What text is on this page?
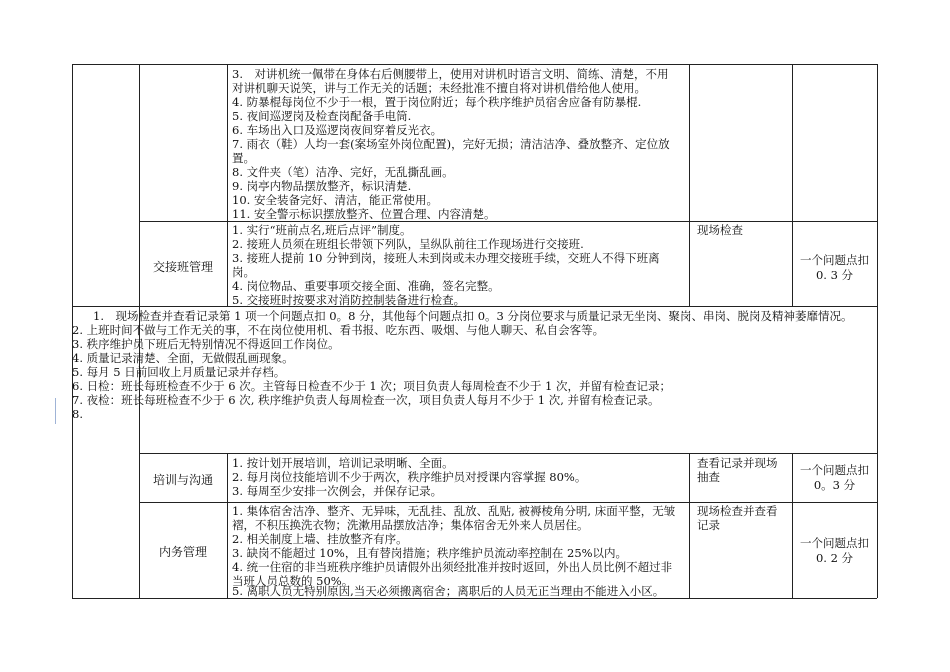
3.　对讲机统一佩带在身体右后侧腰带上，使用对讲机时语言文明、简练、清楚，不用
对讲机聊天说笑，讲与工作无关的话题；未经批准不擅自将对讲机借给他人使用。
4. 防暴棍每岗位不少于一根，置于岗位附近；每个秩序维护员宿舍应备有防暴棍.
5. 夜间巡逻岗及检查岗配备手电筒.
6. 车场出入口及巡逻岗夜间穿着反光衣。
7. 雨衣（鞋）人均一套(案场室外岗位配置)，完好无损；清洁洁净、叠放整齐、定位放
置。
8. 文件夹（笔）洁净、完好，无乱撕乱画。
9. 岗亭内物品摆放整齐，标识清楚.
10. 安全装备完好、清洁，能正常使用。
11. 安全警示标识摆放整齐、位置合理、内容清楚。
交接班管理
1. 实行“班前点名,班后点评”制度。
2. 接班人员须在班组长带领下列队，呈纵队前往工作现场进行交接班.
3. 接班人提前 10 分钟到岗，接班人未到岗或未办理交接班手续，交班人不得下班离
岗。
4. 岗位物品、重要事项交接全面、准确，签名完整。
5. 交接班时按要求对消防控制装备进行检查。
现场检查
一个问题点扣
0. 3 分
1.　现场检查并查看记录第 1 项一个问题点扣 0。8 分，其他每个问题点扣 0。3 分岗位要求与质量记录无坐岗、聚岗、串岗、脱岗及精神萎靡情况。
2. 上班时间不做与工作无关的事，不在岗位使用机、看书报、吃东西、吸烟、与他人聊天、私自会客等。
3. 秩序维护员下班后无特别情况不得返回工作岗位。
4. 质量记录清楚、全面，无做假乱画现象。
5. 每月 5 日前回收上月质量记录并存档。
6. 日检：班长每班检查不少于 6 次。主管每日检查不少于 1 次；项目负责人每周检查不少于 1 次，并留有检查记录；
7. 夜检：班长每班检查不少于 6 次, 秩序维护负责人每周检查一次，项目负责人每月不少于 1 次, 并留有检查记录。
8.
培训与沟通
1. 按计划开展培训，培训记录明晰、全面。
2. 每月岗位技能培训不少于两次，秩序维护员对授课内容掌握 80%。
3. 每周至少安排一次例会，并保存记录。
查看记录并现场
抽查	一个问题点扣
0。3 分
内务管理
1. 集体宿舍洁净、整齐、无异味，无乱挂、乱放、乱贴, 被褥棱角分明, 床面平整，无皱
褶，不积压换洗衣物；洗漱用品摆放洁净；集体宿舍无外来人员居住。
2. 相关制度上墙、挂放整齐有序。
3. 缺岗不能超过 10%，且有替岗措施；秩序维护员流动率控制在 25%以内。
4. 统一住宿的非当班秩序维护员请假外出须经批准并按时返回，外出人员比例不超过非
当班人员总数的 50%。
5. 离职人员无特别原因,当天必须搬离宿舍；离职后的人员无正当理由不能进入小区。
现场检查并查看
记录
一个问题点扣
0. 2 分
